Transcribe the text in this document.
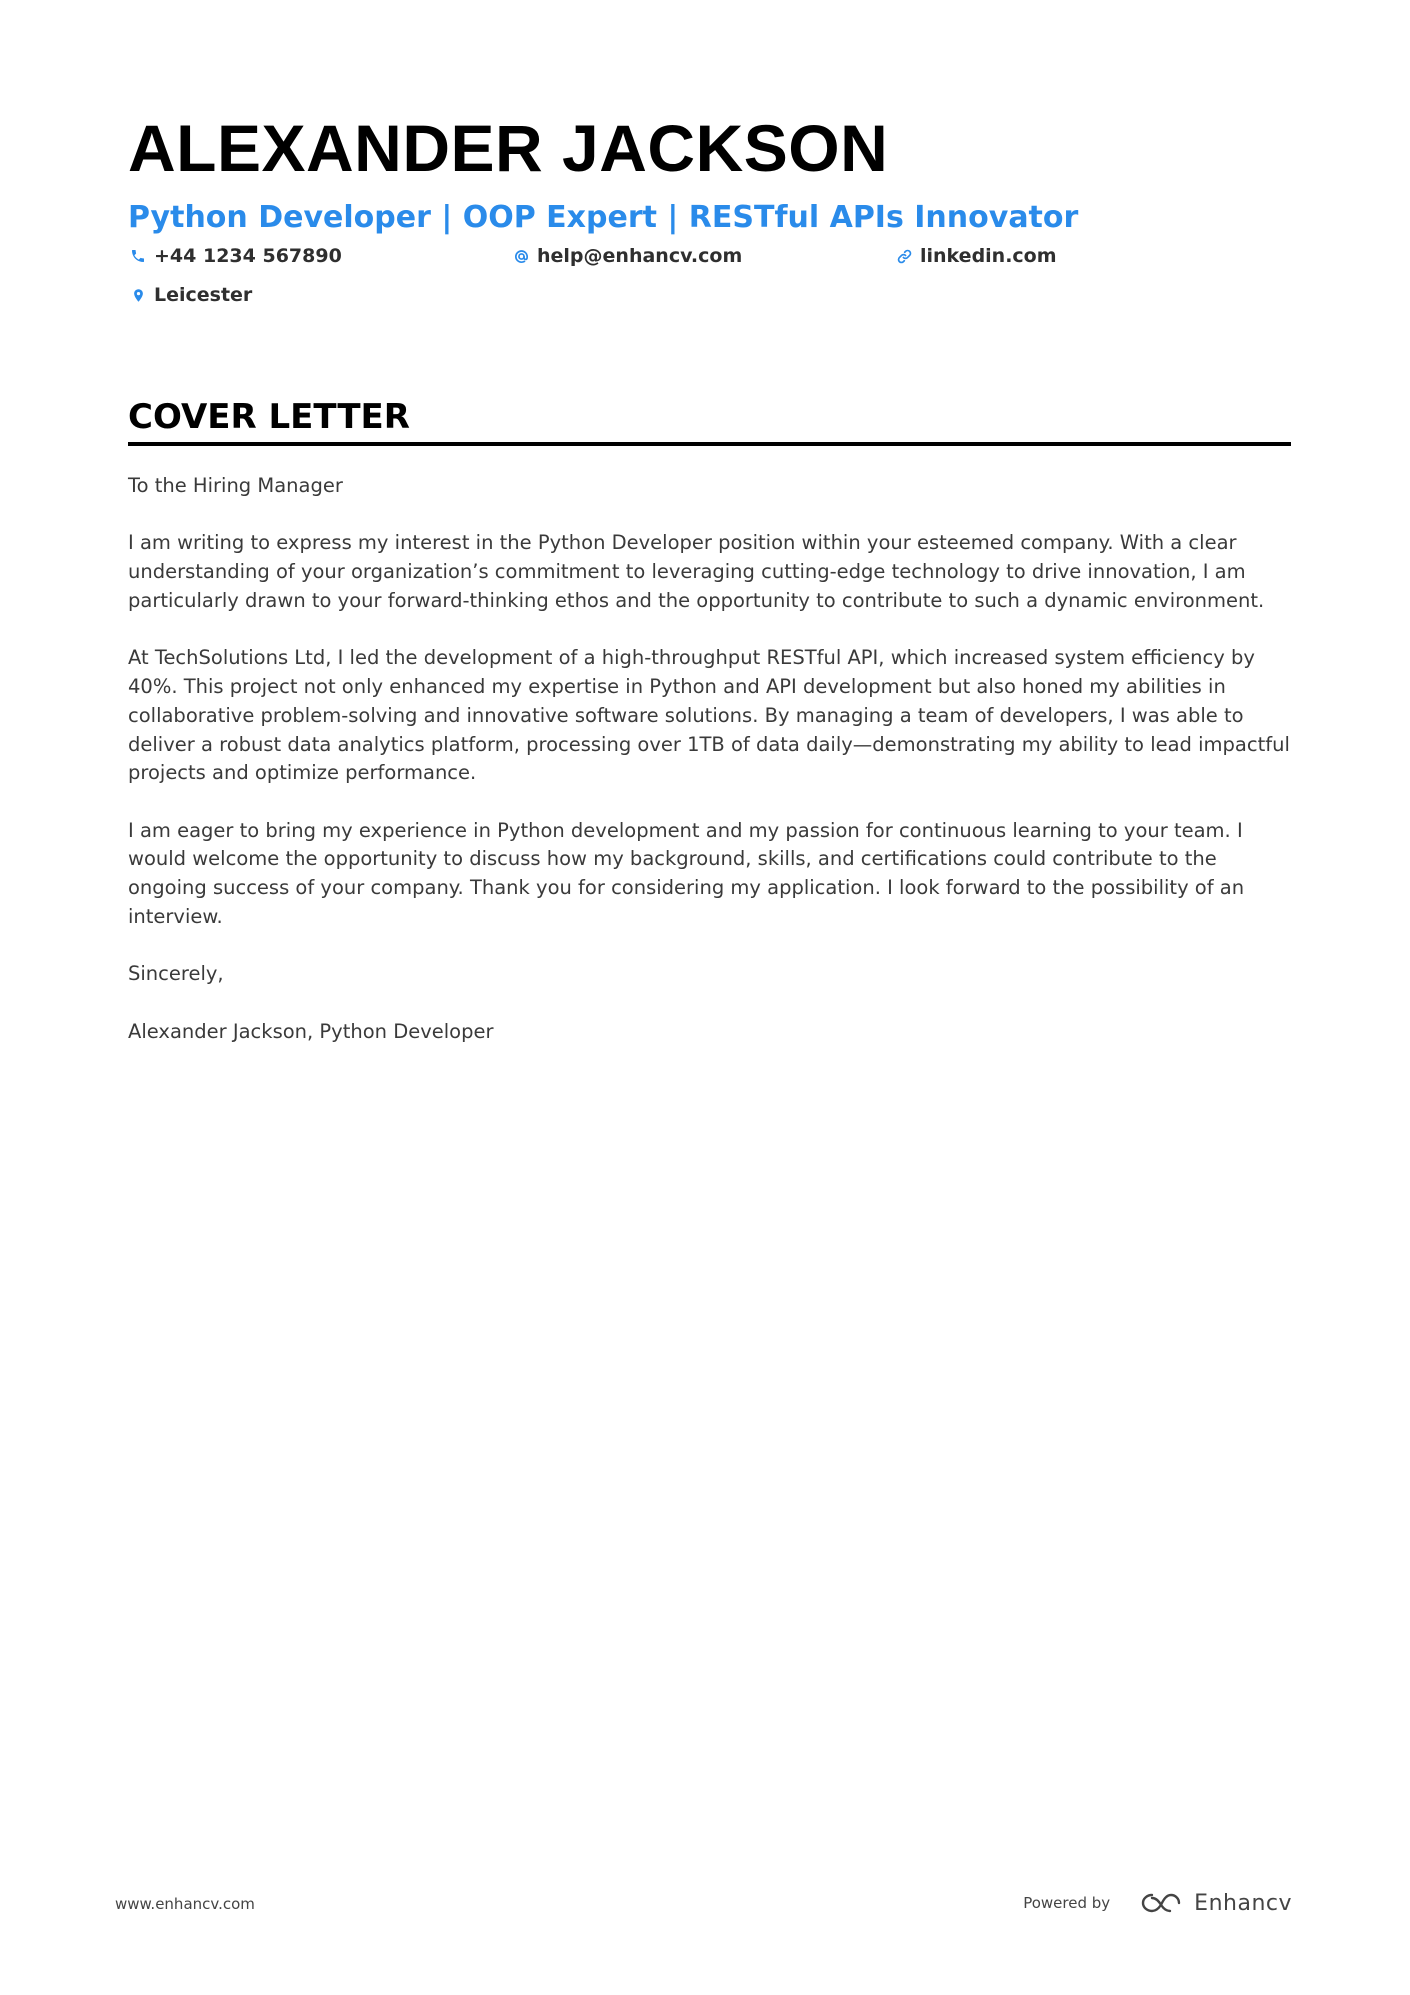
ALEXANDER JACKSON
Python Developer | OOP Expert | RESTful APIs Innovator
+44 1234 567890	help@enhancv.com	linkedin.com
Leicester
COVER LETTER

To the Hiring Manager

I am writing to express my interest in the Python Developer position within your esteemed company. With a clear understanding of your organization’s commitment to leveraging cutting-edge technology to drive innovation, I am particularly drawn to your forward-thinking ethos and the opportunity to contribute to such a dynamic environment.

At TechSolutions Ltd, I led the development of a high-throughput RESTful API, which increased system efficiency by 40%. This project not only enhanced my expertise in Python and API development but also honed my abilities in collaborative problem-solving and innovative software solutions. By managing a team of developers, I was able to deliver a robust data analytics platform, processing over 1TB of data daily—demonstrating my ability to lead impactful projects and optimize performance.

I am eager to bring my experience in Python development and my passion for continuous learning to your team. I would welcome the opportunity to discuss how my background, skills, and certifications could contribute to the ongoing success of your company. Thank you for considering my application. I look forward to the possibility of an interview.

Sincerely,

Alexander Jackson, Python Developer

www.enhancv.com	Powered by	Enhancv
